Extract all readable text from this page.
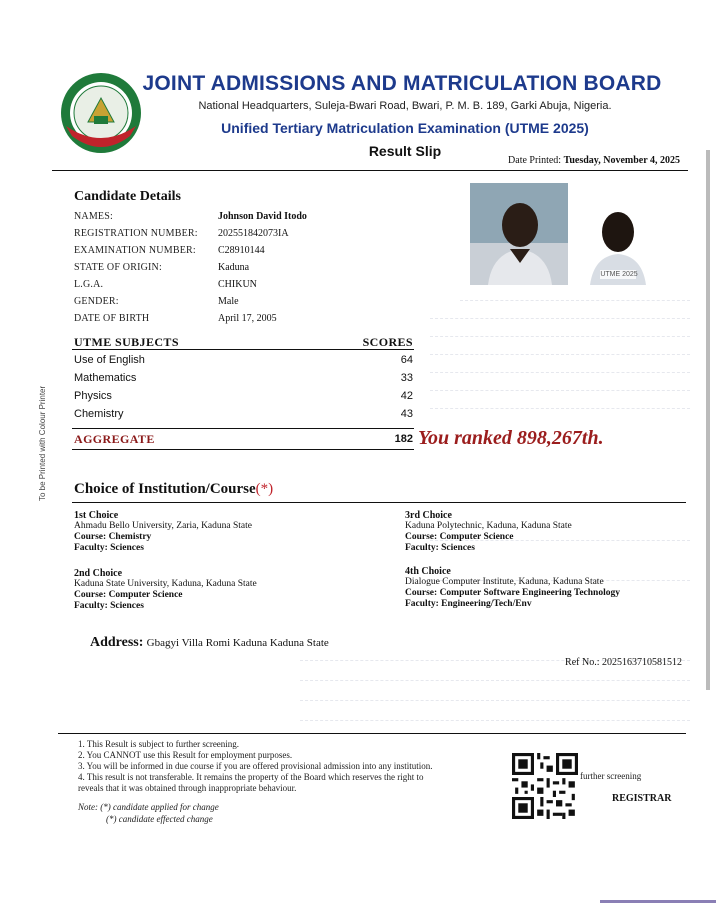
JOINT ADMISSIONS AND MATRICULATION BOARD
National Headquarters, Suleja-Bwari Road, Bwari, P. M. B. 189, Garki Abuja, Nigeria.
Unified Tertiary Matriculation Examination (UTME 2025)
Result Slip
Date Printed: Tuesday, November 4, 2025
Candidate Details
NAMES:	Johnson David Itodo
REGISTRATION NUMBER: 202551842073IA
EXAMINATION NUMBER: C28910144
STATE OF ORIGIN:	Kaduna
L.G.A.	CHIKUN
GENDER:	Male
DATE OF BIRTH	April 17, 2005
UTME 2025
UTME SUBJECTS	SCORES
Use of English	64
Mathematics	33
Physics	42
Chemistry	43
AGGREGATE	182 You ranked 898,267th.
To be Printed with Colour Printer Choice of Institution/Course(*)
1st Choice
Ahmadu Bello University, Zaria, Kaduna State
Course: Chemistry
Faculty: Sciences
2nd Choice
Kaduna State University, Kaduna, Kaduna State
Course: Computer Science
Faculty: Sciences
3rd Choice
Kaduna Polytechnic, Kaduna, Kaduna State
Course: Computer Science
Faculty: Sciences
4th Choice
Dialogue Computer Institute, Kaduna, Kaduna State
Course: Computer Software Engineering Technology
Faculty: Engineering/Tech/Env
Address: Gbagyi Villa Romi Kaduna Kaduna State
Ref No.: 2025163710581512
1. This Result is subject to further screening.
2. You CANNOT use this Result for employment purposes.
3. You will be informed in due course if you are offered provisional admission into any institution.
4. This result is not transferable. It remains the property of the Board which reserves the right to	further screening
reveals that it was obtained through inappropriate behaviour.
Note: (*) candidate applied for change
(*) candidate effected change
REGISTRAR
